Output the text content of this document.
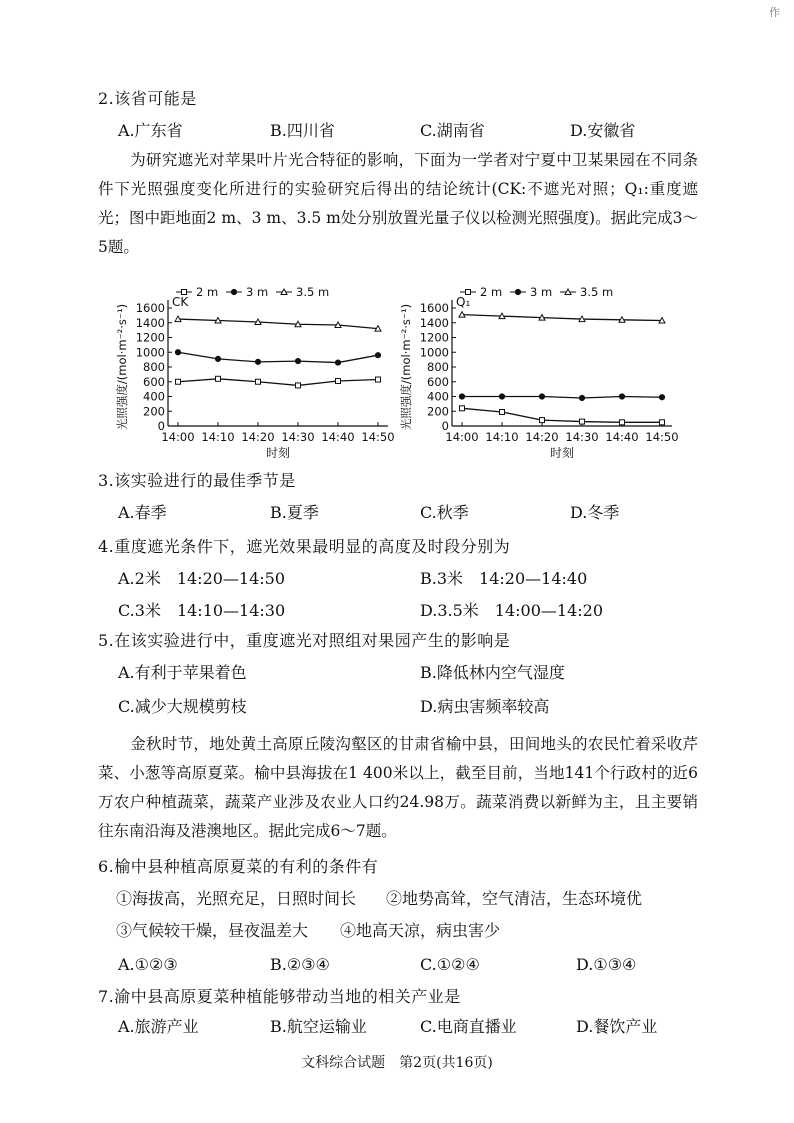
作
2.该省可能是
A.广东省	B.四川省	C.湖南省	D.安徽省
为研究遮光对苹果叶片光合特征的影响，下面为一学者对宁夏中卫某果园在不同条件下光照强度变化所进行的实验研究后得出的结论统计(CK:不遮光对照；Q₁:重度遮光；图中距地面2 m、3 m、3.5 m处分别放置光量子仪以检测光照强度)。据此完成3～5题。
0
200
400
600
800
1000
1200
1400
1600
14:00 14:10 14:20 14:30 14:40 14:50
时刻
光照强度/(mol·m⁻²·s⁻¹)
CK
2 m 3 m 3.5 m
0
200
400
600
800
1000
1200
1400
1600
14:00 14:10 14:20 14:30 14:40 14:50
时刻
光照强度/(mol·m⁻²·s⁻¹)
Q₁
2 m 3 m 3.5 m
3.该实验进行的最佳季节是
A.春季	B.夏季	C.秋季	D.冬季
4.重度遮光条件下，遮光效果最明显的高度及时段分别为
A.2米　14:20—14:50	B.3米　14:20—14:40
C.3米　14:10—14:30	D.3.5米　14:00—14:20
5.在该实验进行中，重度遮光对照组对果园产生的影响是
A.有利于苹果着色	B.降低林内空气湿度
C.减少大规模剪枝	D.病虫害频率较高
金秋时节，地处黄土高原丘陵沟壑区的甘肃省榆中县，田间地头的农民忙着采收芹菜、小葱等高原夏菜。榆中县海拔在1 400米以上，截至目前，当地141个行政村的近6万农户种植蔬菜，蔬菜产业涉及农业人口约24.98万。蔬菜消费以新鲜为主，且主要销往东南沿海及港澳地区。据此完成6～7题。
6.榆中县种植高原夏菜的有利的条件有
①海拔高，光照充足，日照时间长 ②地势高耸，空气清洁，生态环境优
③气候较干燥，昼夜温差大 ④地高天凉，病虫害少
A.①②③	B.②③④	C.①②④	D.①③④
7.渝中县高原夏菜种植能够带动当地的相关产业是
A.旅游产业	B.航空运输业	C.电商直播业	D.餐饮产业
文科综合试题　第2页(共16页)
